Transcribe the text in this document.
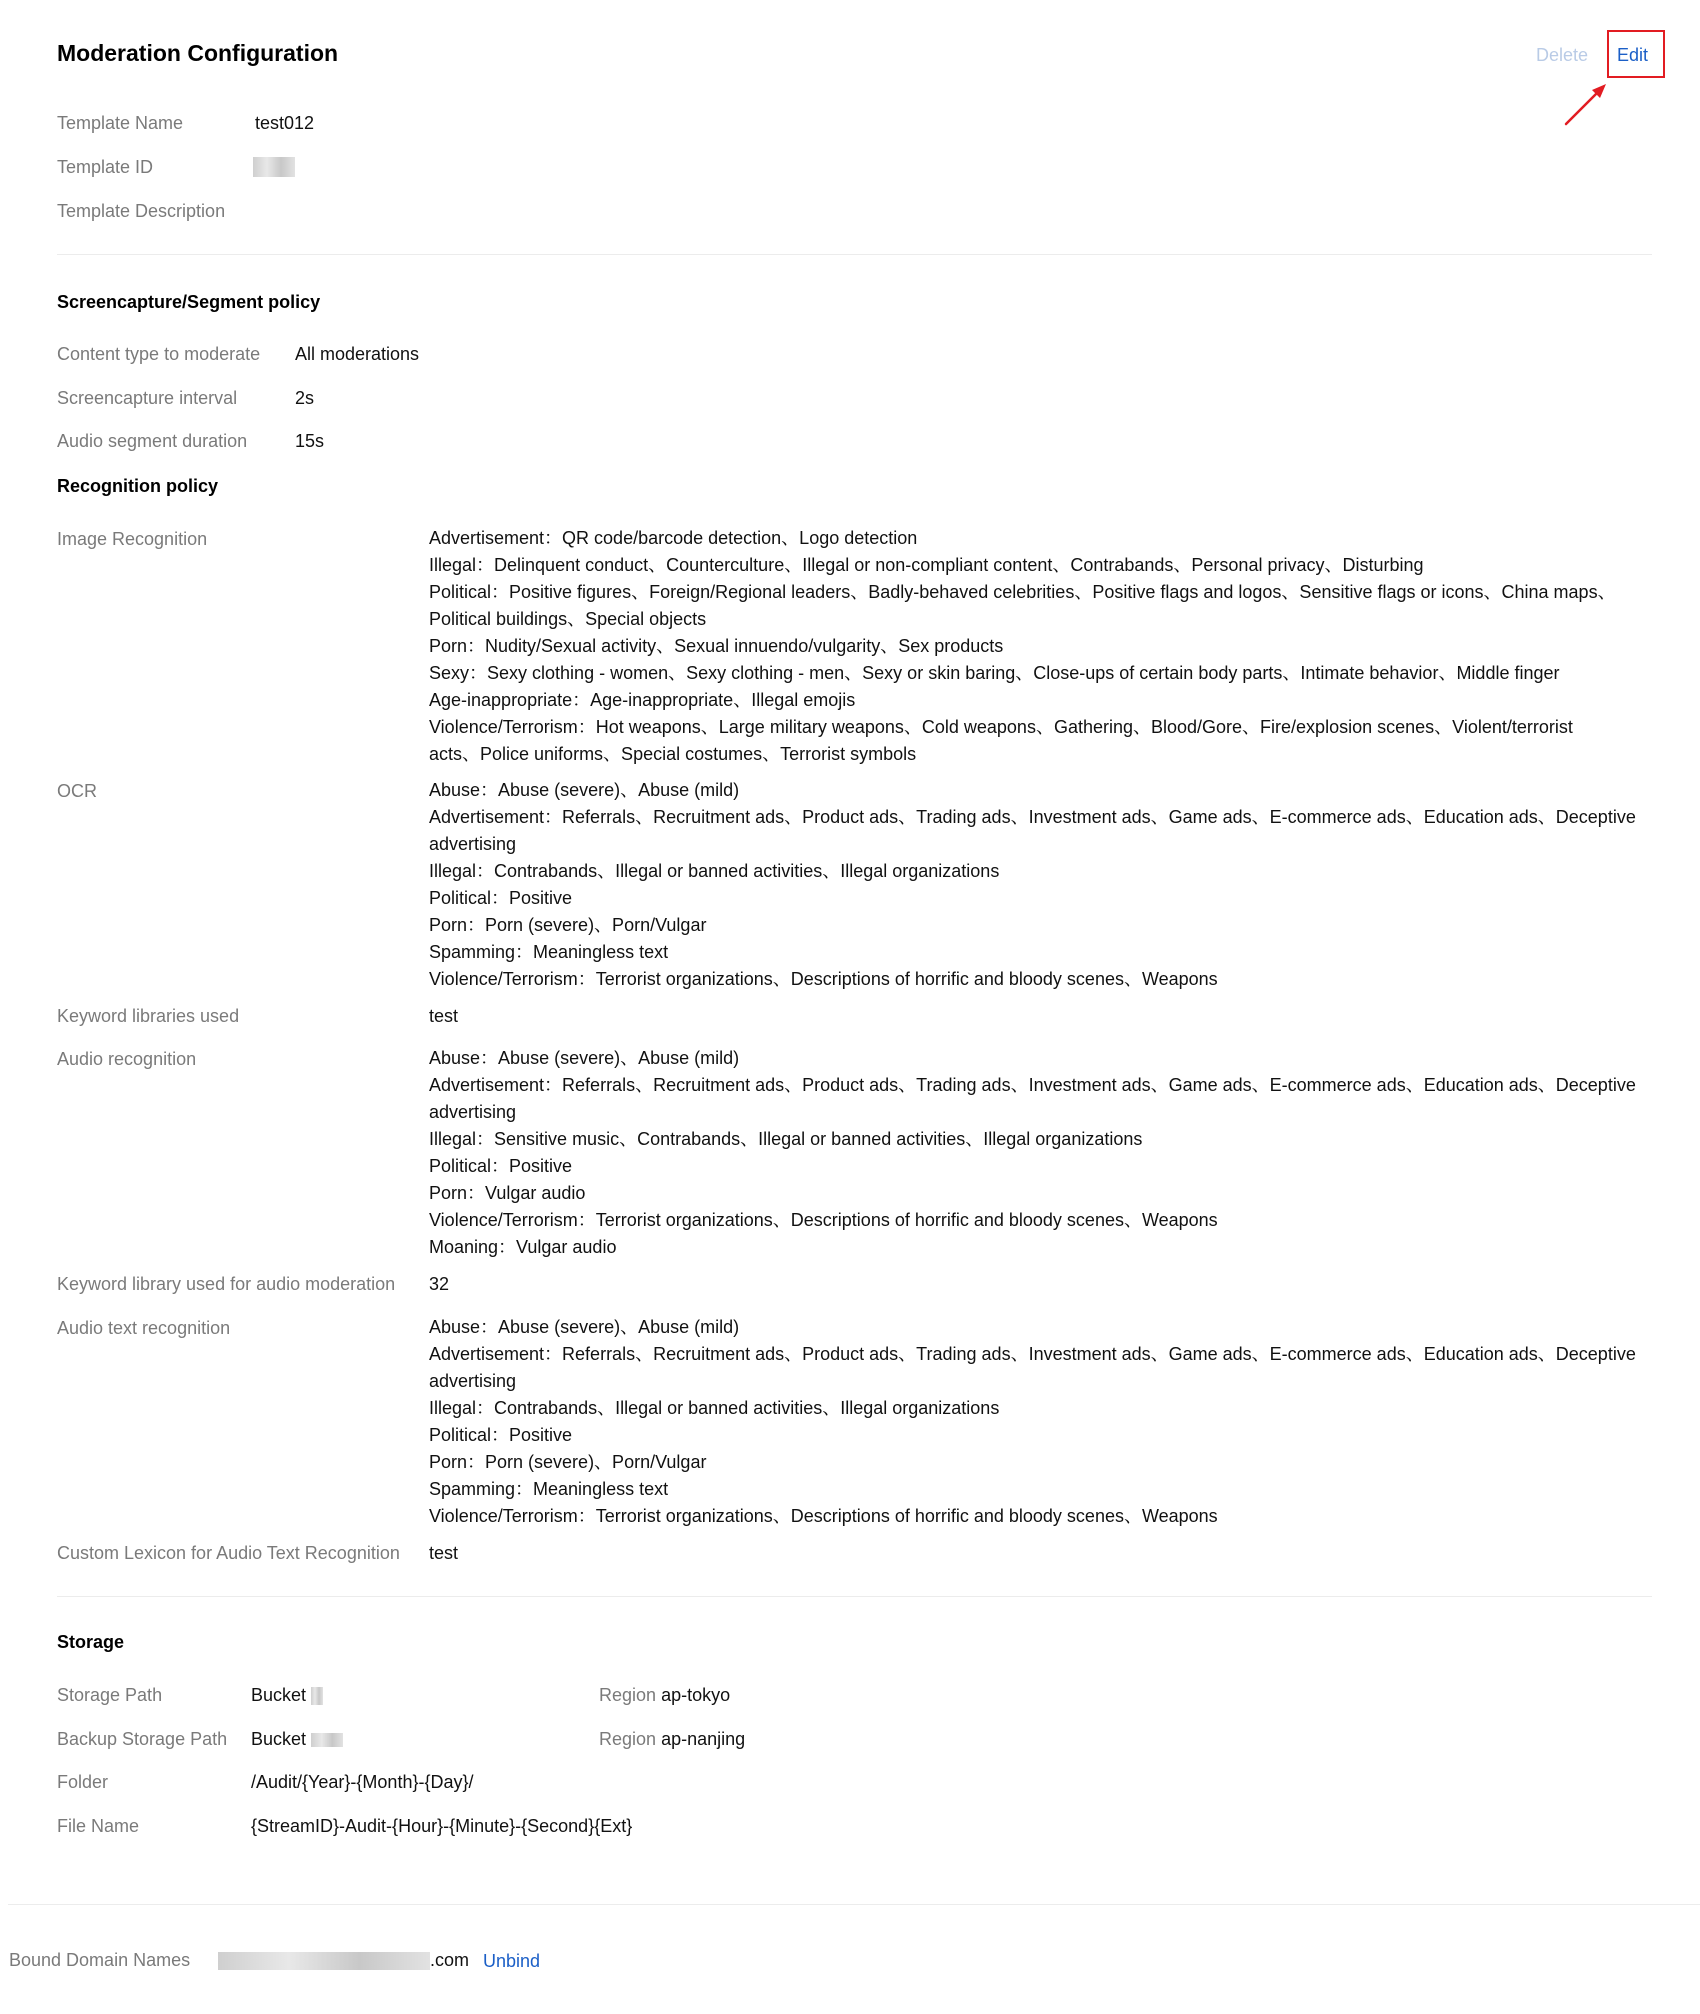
Moderation Configuration	Delete Edit
Template Name	test012
Template ID
Template Description
Screencapture/Segment policy
Content type to moderate All moderations
Screencapture interval	2s
Audio segment duration	15s
Recognition policy
Image Recognition	Advertisement：QR code/barcode detection、Logo detection
Illegal：Delinquent conduct、Counterculture、Illegal or non-compliant content、Contrabands、Personal privacy、Disturbing
Political：Positive figures、Foreign/Regional leaders、Badly-behaved celebrities、Positive flags and logos、Sensitive flags or icons、China maps、
Political buildings、Special objects
Porn：Nudity/Sexual activity、Sexual innuendo/vulgarity、Sex products
Sexy：Sexy clothing - women、Sexy clothing - men、Sexy or skin baring、Close-ups of certain body parts、Intimate behavior、Middle finger
Age-inappropriate：Age-inappropriate、Illegal emojis
Violence/Terrorism：Hot weapons、Large military weapons、Cold weapons、Gathering、Blood/Gore、Fire/explosion scenes、Violent/terrorist
acts、Police uniforms、Special costumes、Terrorist symbols
OCR	Abuse：Abuse (severe)、Abuse (mild)
Advertisement：Referrals、Recruitment ads、Product ads、Trading ads、Investment ads、Game ads、E-commerce ads、Education ads、Deceptive
advertising
Illegal：Contrabands、Illegal or banned activities、Illegal organizations
Political：Positive
Porn：Porn (severe)、Porn/Vulgar
Spamming：Meaningless text
Violence/Terrorism：Terrorist organizations、Descriptions of horrific and bloody scenes、Weapons
Keyword libraries used	test
Audio recognition	Abuse：Abuse (severe)、Abuse (mild)
Advertisement：Referrals、Recruitment ads、Product ads、Trading ads、Investment ads、Game ads、E-commerce ads、Education ads、Deceptive
advertising
Illegal：Sensitive music、Contrabands、Illegal or banned activities、Illegal organizations
Political：Positive
Porn：Vulgar audio
Violence/Terrorism：Terrorist organizations、Descriptions of horrific and bloody scenes、Weapons
Moaning：Vulgar audio
Keyword library used for audio moderation 32
Audio text recognition	Abuse：Abuse (severe)、Abuse (mild)
Advertisement：Referrals、Recruitment ads、Product ads、Trading ads、Investment ads、Game ads、E-commerce ads、Education ads、Deceptive
advertising
Illegal：Contrabands、Illegal or banned activities、Illegal organizations
Political：Positive
Porn：Porn (severe)、Porn/Vulgar
Spamming：Meaningless text
Violence/Terrorism：Terrorist organizations、Descriptions of horrific and bloody scenes、Weapons
Custom Lexicon for Audio Text Recognition test
Storage
Storage Path	Bucket	Region ap-tokyo
Backup Storage Path Bucket	Region ap-nanjing
Folder	/Audit/{Year}-{Month}-{Day}/
File Name	{StreamID}-Audit-{Hour}-{Minute}-{Second}{Ext}
Bound Domain Names	.com Unbind
